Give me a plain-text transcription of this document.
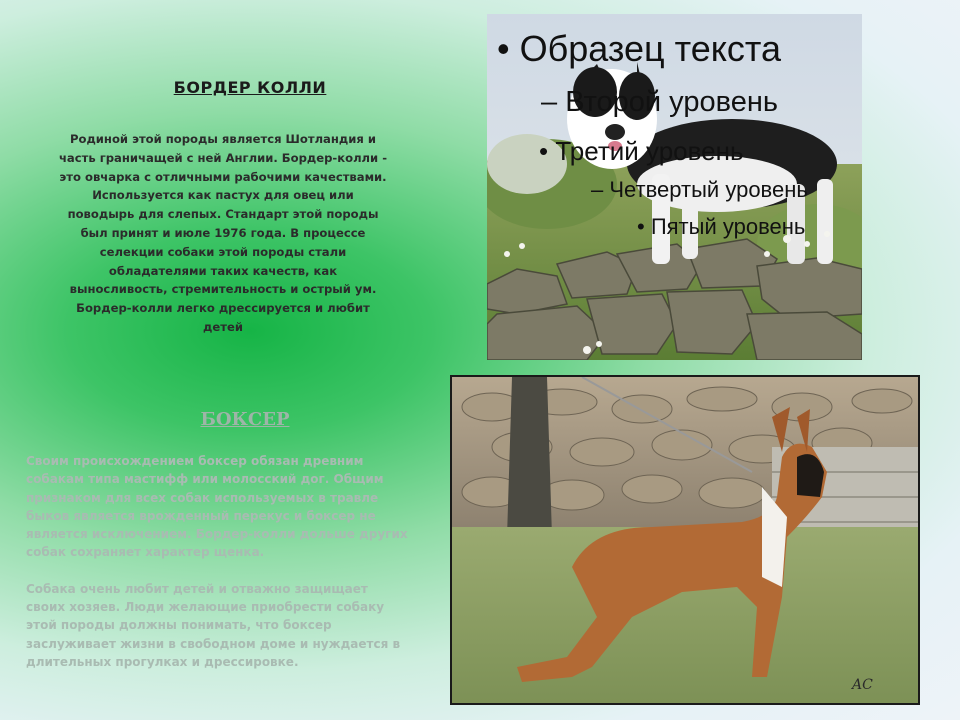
БОРДЕР КОЛЛИ
Родиной этой породы является Шотландия и часть граничащей с ней Англии. Бордер-колли - это овчарка с отличными рабочими качествами. Используется как пастух для овец или поводырь для слепых. Стандарт этой породы был принят и июле 1976 года. В процессе селекции собаки этой породы стали обладателями таких качеств, как выносливость, стремительность и острый ум. Бордер-колли легко дрессируется и любит детей
БОКСЕР

Своим происхождением боксер обязан древним собакам типа мастифф или молосский дог. Общим признаком для всех собак используемых в травле быков является врожденный перекус и боксер не является исключением. Бордер-колли дольше других собак сохраняет характер щенка.

Собака очень любит детей и отважно защищает своих хозяев. Люди желающие приобрести собаку этой породы должны понимать, что боксер заслуживает жизни в свободном доме и нуждается в длительных прогулках и дрессировке.

• Образец текста
– Второй уровень
• Третий уровень
– Четвертый уровень
• Пятый уровень
AC
